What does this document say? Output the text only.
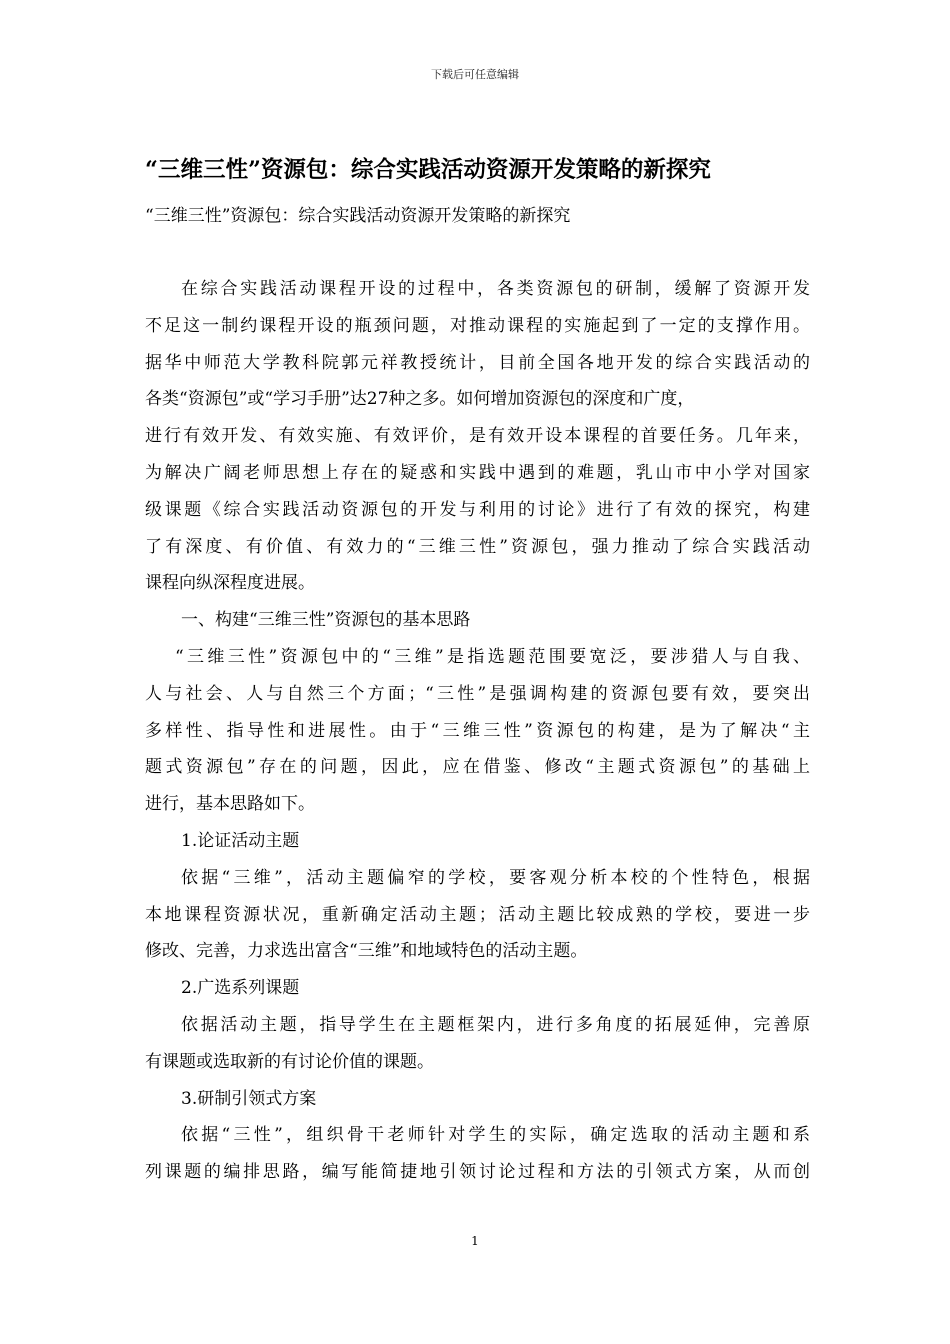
下载后可任意编辑
“三维三性”资源包：综合实践活动资源开发策略的新探究
“三维三性”资源包：综合实践活动资源开发策略的新探究
在综合实践活动课程开设的过程中，各类资源包的研制，缓解了资源开发
不足这一制约课程开设的瓶颈问题，对推动课程的实施起到了一定的支撑作用。
据华中师范大学教科院郭元祥教授统计，目前全国各地开发的综合实践活动的
各类“资源包”或“学习手册”达27种之多。如何增加资源包的深度和广度，
进行有效开发、有效实施、有效评价，是有效开设本课程的首要任务。几年来，
为解决广阔老师思想上存在的疑惑和实践中遇到的难题，乳山市中小学对国家
级课题《综合实践活动资源包的开发与利用的讨论》进行了有效的探究，构建
了有深度、有价值、有效力的“三维三性”资源包，强力推动了综合实践活动
课程向纵深程度进展。
一、构建“三维三性”资源包的基本思路
“三维三性”资源包中的“三维”是指选题范围要宽泛，要涉猎人与自我、
人与社会、人与自然三个方面；“三性”是强调构建的资源包要有效，要突出
多样性、指导性和进展性。由于“三维三性”资源包的构建，是为了解决“主
题式资源包”存在的问题，因此，应在借鉴、修改“主题式资源包”的基础上
进行，基本思路如下。
1.论证活动主题
依据“三维”，活动主题偏窄的学校，要客观分析本校的个性特色，根据
本地课程资源状况，重新确定活动主题；活动主题比较成熟的学校，要进一步
修改、完善，力求选出富含“三维”和地域特色的活动主题。
2.广选系列课题
依据活动主题，指导学生在主题框架内，进行多角度的拓展延伸，完善原
有课题或选取新的有讨论价值的课题。
3.研制引领式方案
依据“三性”，组织骨干老师针对学生的实际，确定选取的活动主题和系
列课题的编排思路，编写能简捷地引领讨论过程和方法的引领式方案，从而创
1
